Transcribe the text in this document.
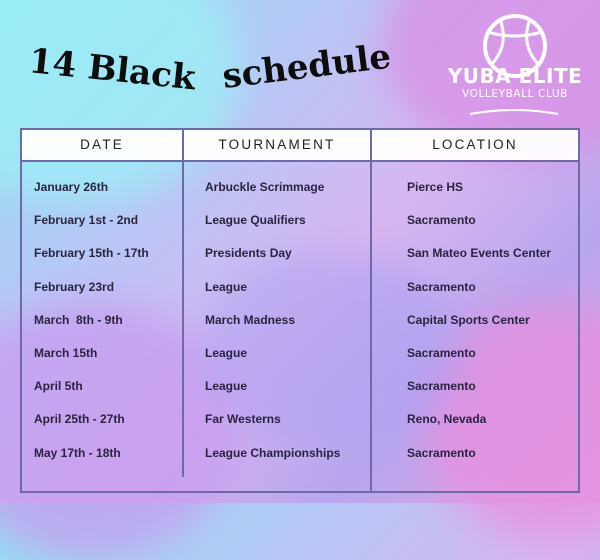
14 Black schedule	YUBA ELITE
VOLLEYBALL CLUB
DATE	TOURNAMENT	LOCATION
January 26th	Arbuckle Scrimmage	Pierce HS
February 1st - 2nd	League Qualifiers	Sacramento
February 15th - 17th	Presidents Day	San Mateo Events Center
February 23rd	League	Sacramento
March  8th - 9th	March Madness	Capital Sports Center
March 15th	League	Sacramento
April 5th	League	Sacramento
April 25th - 27th	Far Westerns	Reno, Nevada
May 17th - 18th	League Championships	Sacramento
